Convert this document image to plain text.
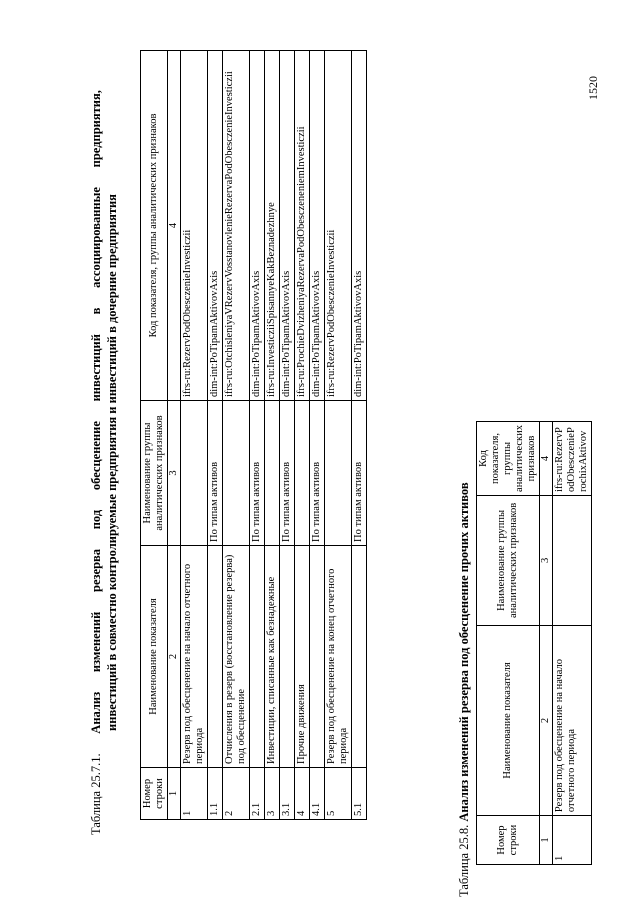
1520
Таблица 25.7.1.
Анализ
изменений
резерва
под
обесценение
инвестиций
в
ассоциированные
предприятия,
инвестиций в совместно контролируемые предприятия и инвестиций в дочерние предприятия
Номер строки	Наименование показателя	Наименование группы аналитических признаков	Код показателя, группы аналитических признаков
1	2	3	4
1	Резерв под обесценение на начало отчетного периода		ifrs-ru:RezervPodObesczenieInvesticzii
1.1		По типам активов	dim-int:PoTipamAktivovAxis
2	Отчисления в резерв (восстановление резерва) под обесценение		ifrs-ru:OtchisleniyaVRezervVosstanovlenieRezervaPodObesczenieInvesticzii
2.1		По типам активов	dim-int:PoTipamAktivovAxis
3	Инвестиции, списанные как безнадежные		ifrs-ru:InvesticziiSpisannyeKakBeznadezhnye
3.1		По типам активов	dim-int:PoTipamAktivovAxis
4	Прочие движения		ifrs-ru:ProchieDvizheniyaRezervaPodObesczeneniemInvesticzii
4.1		По типам активов	dim-int:PoTipamAktivovAxis
5	Резерв под обесценение на конец отчетного периода		ifrs-ru:RezervPodObesczenieInvesticzii
5.1		По типам активов	dim-int:PoTipamAktivovAxis
Таблица 25.8. Анализ изменений резерва под обесценение прочих активов
Номер строки	Наименование показателя	Наименование группы аналитических признаков	Код показателя, группы аналитических признаков
1	2	3	4
1	Резерв под обесценение на начало отчетного периода		ifrs-ru:RezervPodObesczenieProchixAktivov
